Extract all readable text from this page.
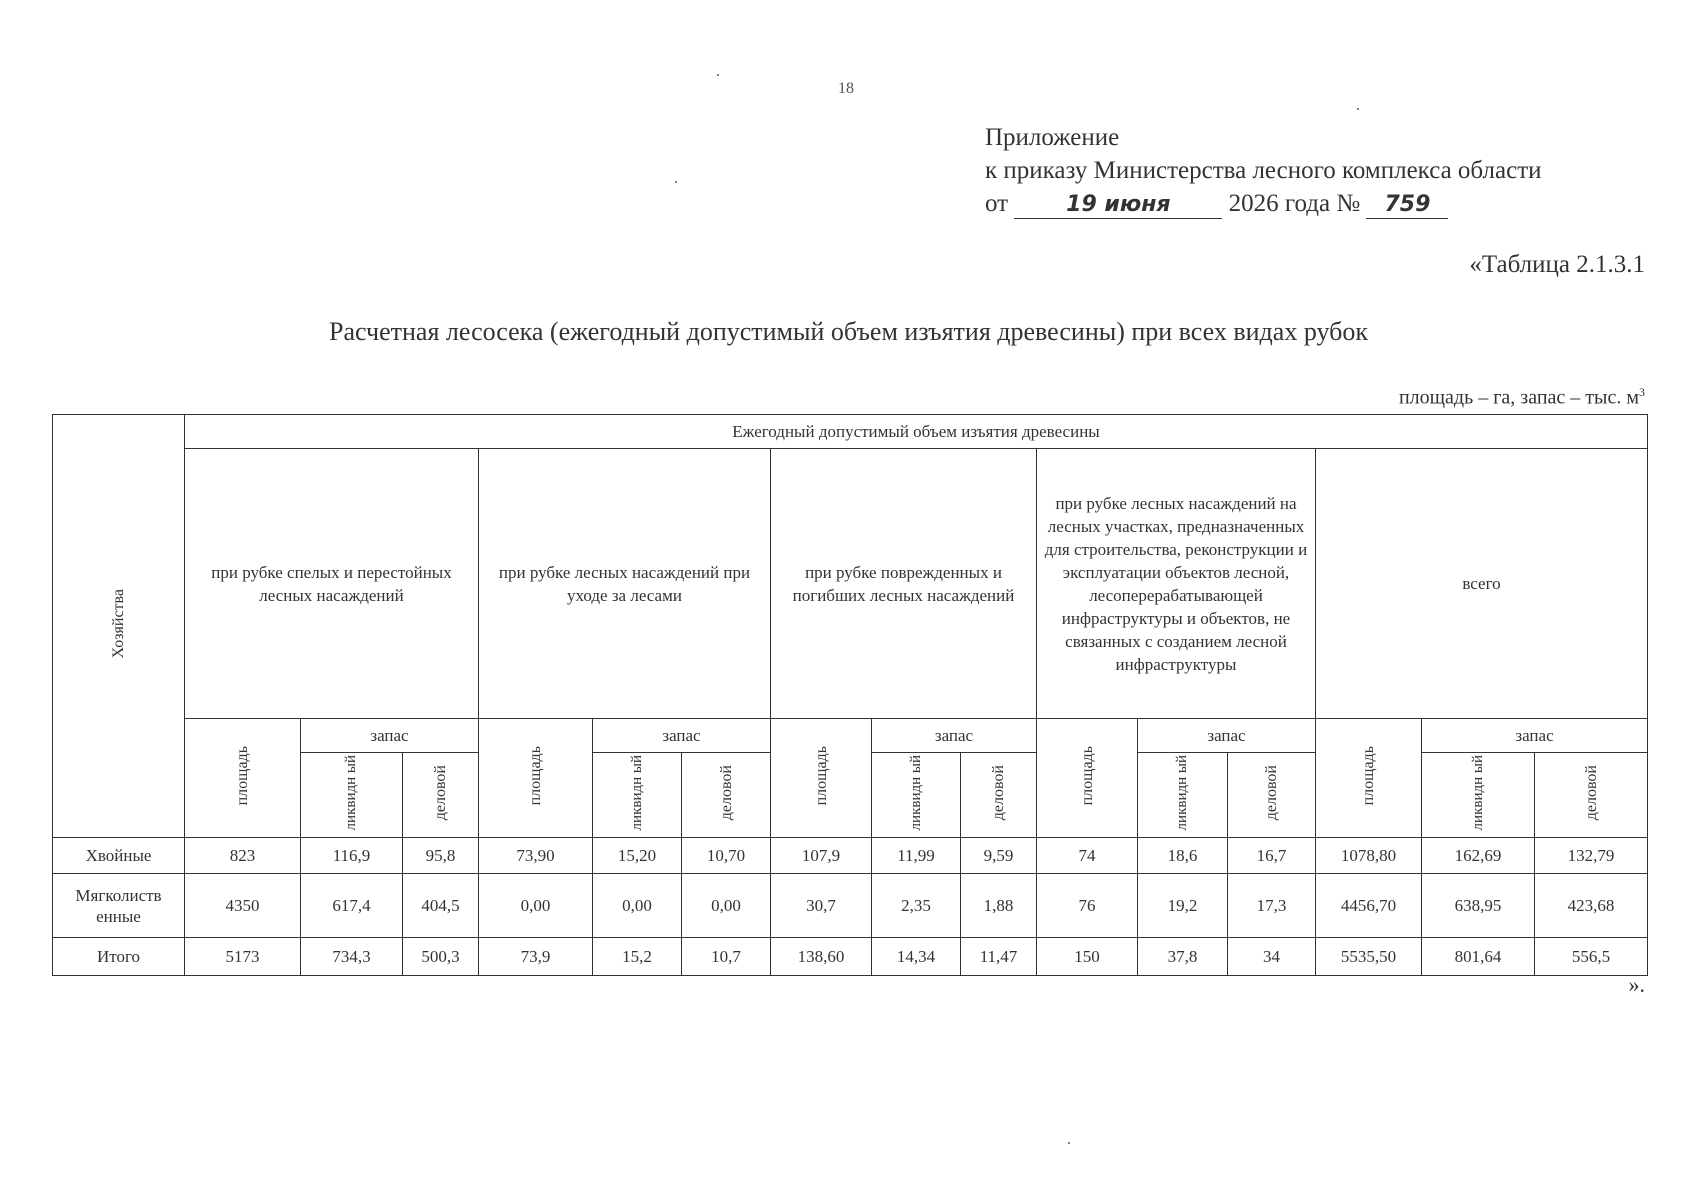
18
Приложение
к приказу Министерства лесного комплекса области
от	19 июня 2026 года № 759
«Таблица 2.1.3.1
Расчетная лесосека (ежегодный допустимый объем изъятия древесины) при всех видах рубок
площадь – га, запас – тыс. $м^3$
Хозяйства	Ежегодный допустимый объем изъятия древесины														
	при рубке спелых и перестойных лесных насаждений			при рубке лесных насаждений при уходе за лесами			при рубке поврежденных и погибших лесных насаждений			при рубке лесных насаждений на лесных участках, предназначенных для строительства, реконструкции и эксплуатации объектов лесной, лесоперерабатывающей инфраструктуры и объектов, не связанных с созданием лесной инфраструктуры			всего		
	площадь	запас		площадь	запас		площадь	запас		площадь	запас		площадь	запас	
		ликвидн ый	деловой		ликвидн ый	деловой		ликвидн ый	деловой		ликвидн ый	деловой		ликвидн ый	деловой
Хвойные	823	116,9	95,8	73,90	15,20	10,70	107,9	11,99	9,59	74	18,6	16,7	1078,80	162,69	132,79
Мягколиств енные	4350	617,4	404,5	0,00	0,00	0,00	30,7	2,35	1,88	76	19,2	17,3	4456,70	638,95	423,68
Итого	5173	734,3	500,3	73,9	15,2	10,7	138,60	14,34	11,47	150	37,8	34	5535,50	801,64	556,5
».
